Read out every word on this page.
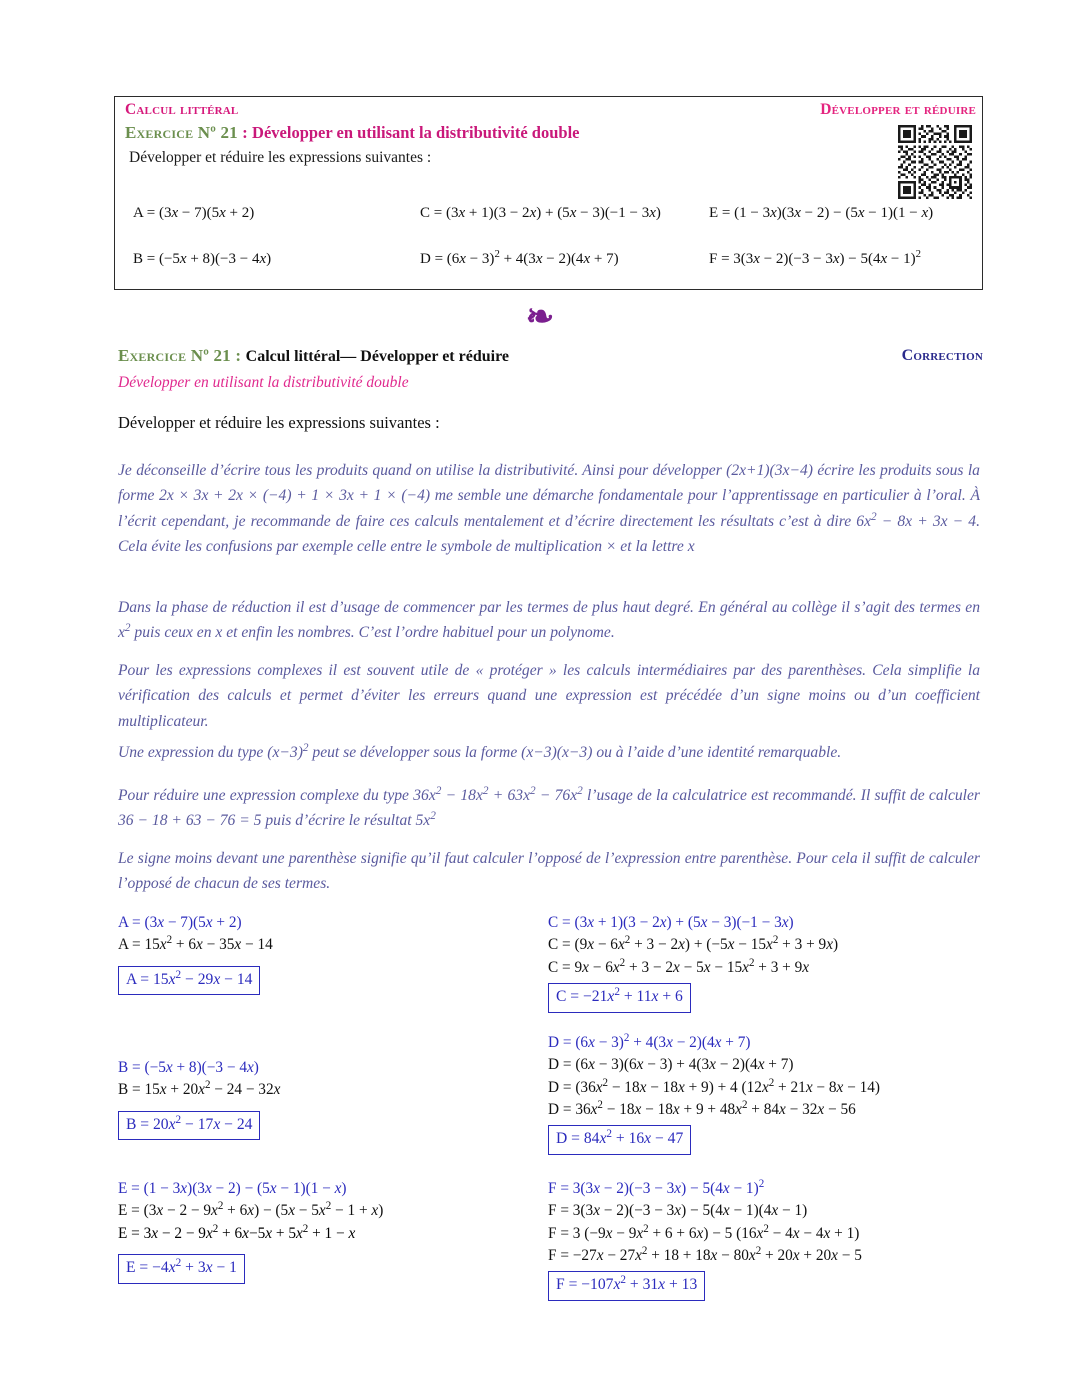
Calcul littéral	Développer et réduire
Exercice Nº 21 : Développer en utilisant la distributivité double
Développer et réduire les expressions suivantes :
A = (3x − 7)(5x + 2)	C = (3x + 1)(3 − 2x) + (5x − 3)(−1 − 3x)	E = (1 − 3x)(3x − 2) − (5x − 1)(1 − x)
B = (−5x + 8)(−3 − 4x)	$D = (6x - 3)^2 + 4(3x - 2)(4x + 7)$	$F = 3(3x - 2)(-3 - 3x) - 5(4x - 1)^2$
❧
Exercice Nº 21 : Calcul littéral— Développer et réduire	Correction
Développer en utilisant la distributivité double
Développer et réduire les expressions suivantes :
Je déconseille d’écrire tous les produits quand on utilise la distributivité. Ainsi pour développer (2x+1)(3x−4) écrire les produits sous la forme 2x × 3x + 2x × (−4) + 1 × 3x + 1 × (−4) me semble une démarche fondamentale pour l’apprentissage en particulier à l’oral. À l’écrit cependant, je recommande de faire ces calculs mentalement et d’écrire directement les résultats c’est à dire $6x^2 - 8x + 3x - 4$. Cela évite les confusions par exemple celle entre le symbole de multiplication × et la lettre x
Dans la phase de réduction il est d’usage de commencer par les termes de plus haut degré. En général au collège il s’agit des termes en $x^2$ puis ceux en x et enfin les nombres. C’est l’ordre habituel pour un polynome.
Pour les expressions complexes il est souvent utile de « protéger » les calculs intermédiaires par des parenthèses. Cela simplifie la vérification des calculs et permet d’éviter les erreurs quand une expression est précédée d’un signe moins ou d’un coefficient multiplicateur.
Une expression du type $(x-3)^2$ peut se développer sous la forme (x−3)(x−3) ou à l’aide d’une identité remarquable.
Pour réduire une expression complexe du type $36x^2 - 18x^2 + 63x^2 - 76x^2$ l’usage de la calculatrice est recommandé. Il suffit de calculer 36 − 18 + 63 − 76 = 5 puis d’écrire le résultat $5x^2$
Le signe moins devant une parenthèse signifie qu’il faut calculer l’opposé de l’expression entre parenthèse. Pour cela il suffit de calculer l’opposé de chacun de ses termes.
A = (3x − 7)(5x + 2)
$A = 15x^2 + 6x - 35x - 14$
$A = 15x^2 - 29x - 14$
B = (−5x + 8)(−3 − 4x)
$B = 15x + 20x^2 - 24 - 32x$
$B = 20x^2 - 17x - 24$
E = (1 − 3x)(3x − 2) − (5x − 1)(1 − x)
$E = (3x - 2 - 9x^2 + 6x) - (5x - 5x^2 - 1 + x)$
$E = 3x - 2 - 9x^2 + 6x-5x + 5x^2 + 1 - x$
$E = -4x^2 + 3x - 1$
C = (3x + 1)(3 − 2x) + (5x − 3)(−1 − 3x)
$C = (9x - 6x^2 + 3 - 2x) + (-5x - 15x^2 + 3 + 9x)$
$C = 9x - 6x^2 + 3 - 2x - 5x - 15x^2 + 3 + 9x$
$C = -21x^2 + 11x + 6$
$D = (6x - 3)^2 + 4(3x - 2)(4x + 7)$
D = (6x − 3)(6x − 3) + 4(3x − 2)(4x + 7)
$D = (36x^2 - 18x - 18x + 9) + 4$ $(12x^2 + 21x - 8x - 14)$
$D = 36x^2 - 18x - 18x + 9 + 48x^2 + 84x - 32x - 56$
$D = 84x^2 + 16x - 47$
$F = 3(3x - 2)(-3 - 3x) - 5(4x - 1)^2$
F = 3(3x − 2)(−3 − 3x) − 5(4x − 1)(4x − 1)
F = 3 $(-9x - 9x^2 + 6 + 6x) - 5$ $(16x^2 - 4x - 4x + 1)$
$F = -27x - 27x^2 + 18 + 18x - 80x^2 + 20x + 20x - 5$
$F = -107x^2 + 31x + 13$
